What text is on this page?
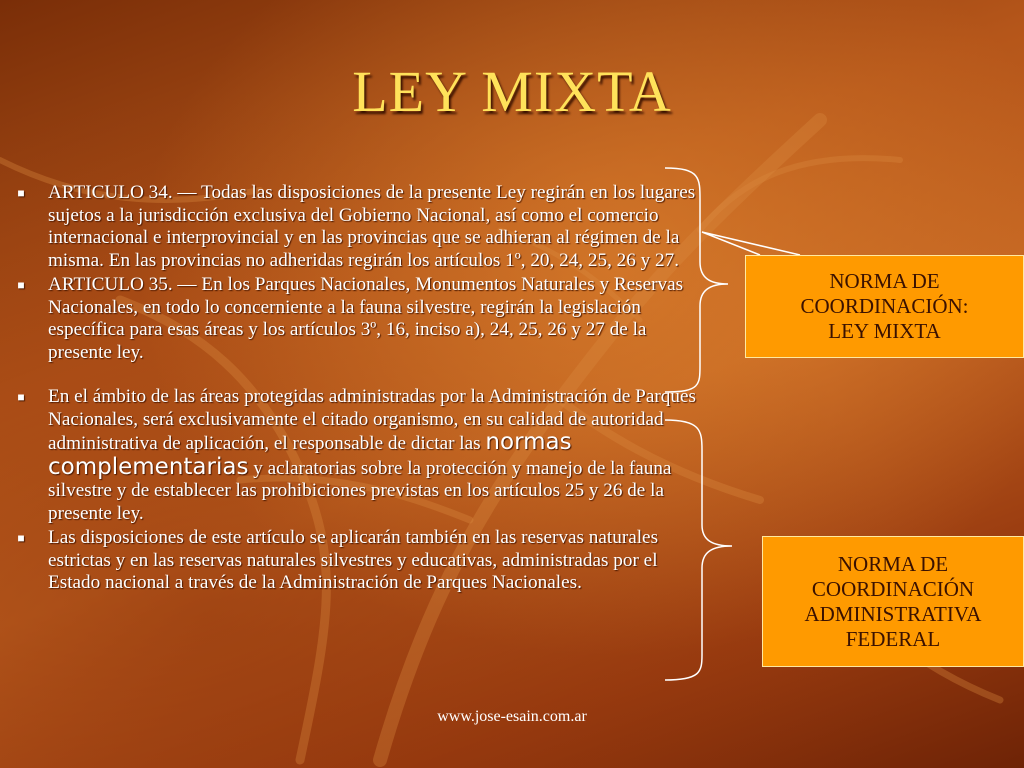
LEY MIXTA

■ ARTICULO 34. — Todas las disposiciones de la presente Ley regirán en los lugares sujetos a la jurisdicción exclusiva del Gobierno Nacional, así como el comercio internacional e interprovincial y en las provincias que se adhieran al régimen de la misma. En las provincias no adheridas regirán los artículos 1º, 20, 24, 25, 26 y 27.

■ ARTICULO 35. — En los Parques Nacionales, Monumentos Naturales y Reservas Nacionales, en todo lo concerniente a la fauna silvestre, regirán la legislación específica para esas áreas y los artículos 3º, 16, inciso a), 24, 25, 26 y 27 de la presente ley.

■ En el ámbito de las áreas protegidas administradas por la Administración de Parques Nacionales, será exclusivamente el citado organismo, en su calidad de autoridad administrativa de aplicación, el responsable de dictar las normas complementarias y aclaratorias sobre la protección y manejo de la fauna silvestre y de establecer las prohibiciones previstas en los artículos 25 y 26 de la presente ley.

■ Las disposiciones de este artículo se aplicarán también en las reservas naturales estrictas y en las reservas naturales silvestres y educativas, administradas por el Estado nacional a través de la Administración de Parques Nacionales.

NORMA DE
COORDINACIÓN:
LEY MIXTA
NORMA DE
COORDINACIÓN
ADMINISTRATIVA
FEDERAL
www.jose-esain.com.ar
